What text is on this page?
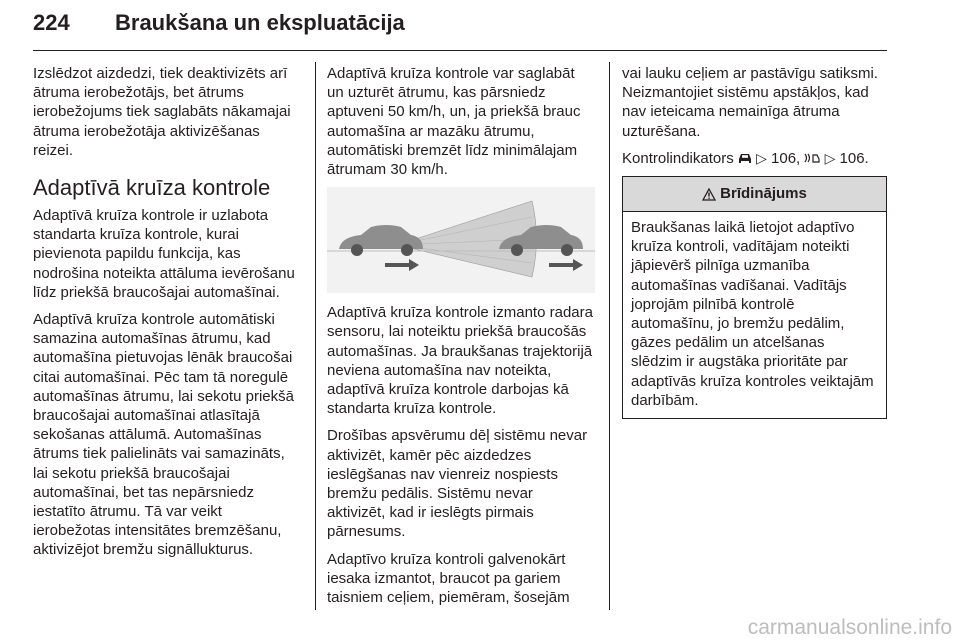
224 Braukšana un ekspluatācija

Izslēdzot aizdedzi, tiek deaktivizēts arī ātruma ierobežotājs, bet ātrums ierobežojums tiek saglabāts nākamajai ātruma ierobežotāja aktivizēšanas reizei.

Adaptīvā kruīza kontrole

Adaptīvā kruīza kontrole ir uzlabota standarta kruīza kontrole, kurai pievienota papildu funkcija, kas nodrošina noteikta attāluma ievērošanu līdz priekšā braucošajai automašīnai.

Adaptīvā kruīza kontrole automātiski samazina automašīnas ātrumu, kad automašīna pietuvojas lēnāk braucošai citai automašīnai. Pēc tam tā noregulē automašīnas ātrumu, lai sekotu priekšā braucošajai automašīnai atlasītajā sekošanas attālumā. Automašīnas ātrums tiek palielināts vai samazināts, lai sekotu priekšā braucošajai automašīnai, bet tas nepārsniedz iestatīto ātrumu. Tā var veikt ierobežotas intensitātes bremzēšanu, aktivizējot bremžu signāllukturus.

Adaptīvā kruīza kontrole var saglabāt un uzturēt ātrumu, kas pārsniedz aptuveni 50 km/h, un, ja priekšā brauc automašīna ar mazāku ātrumu, automātiski bremzēt līdz minimālajam ātrumam 30 km/h.

Adaptīvā kruīza kontrole izmanto radara sensoru, lai noteiktu priekšā braucošās automašīnas. Ja braukšanas trajektorijā neviena automašīna nav noteikta, adaptīvā kruīza kontrole darbojas kā standarta kruīza kontrole.

Drošības apsvērumu dēļ sistēmu nevar aktivizēt, kamēr pēc aizdedzes ieslēgšanas nav vienreiz nospiests bremžu pedālis. Sistēmu nevar aktivizēt, kad ir ieslēgts pirmais pārnesums.

Adaptīvo kruīza kontroli galvenokārt iesaka izmantot, braucot pa gariem taisniem ceļiem, piemēram, šosejām

vai lauku ceļiem ar pastāvīgu satiksmi. Neizmantojiet sistēmu apstākļos, kad nav ieteicama nemainīga ātruma uzturēšana.

Kontrolindikators ▷ 106, ▷ 106.

Brīdinājums
Braukšanas laikā lietojot adaptīvo kruīza kontroli, vadītājam noteikti jāpievērš pilnīga uzmanība automašīnas vadīšanai. Vadītājs joprojām pilnībā kontrolē automašīnu, jo bremžu pedālim, gāzes pedālim un atcelšanas slēdzim ir augstāka prioritāte par adaptīvās kruīza kontroles veiktajām darbībām.
carmanualsonline.info
